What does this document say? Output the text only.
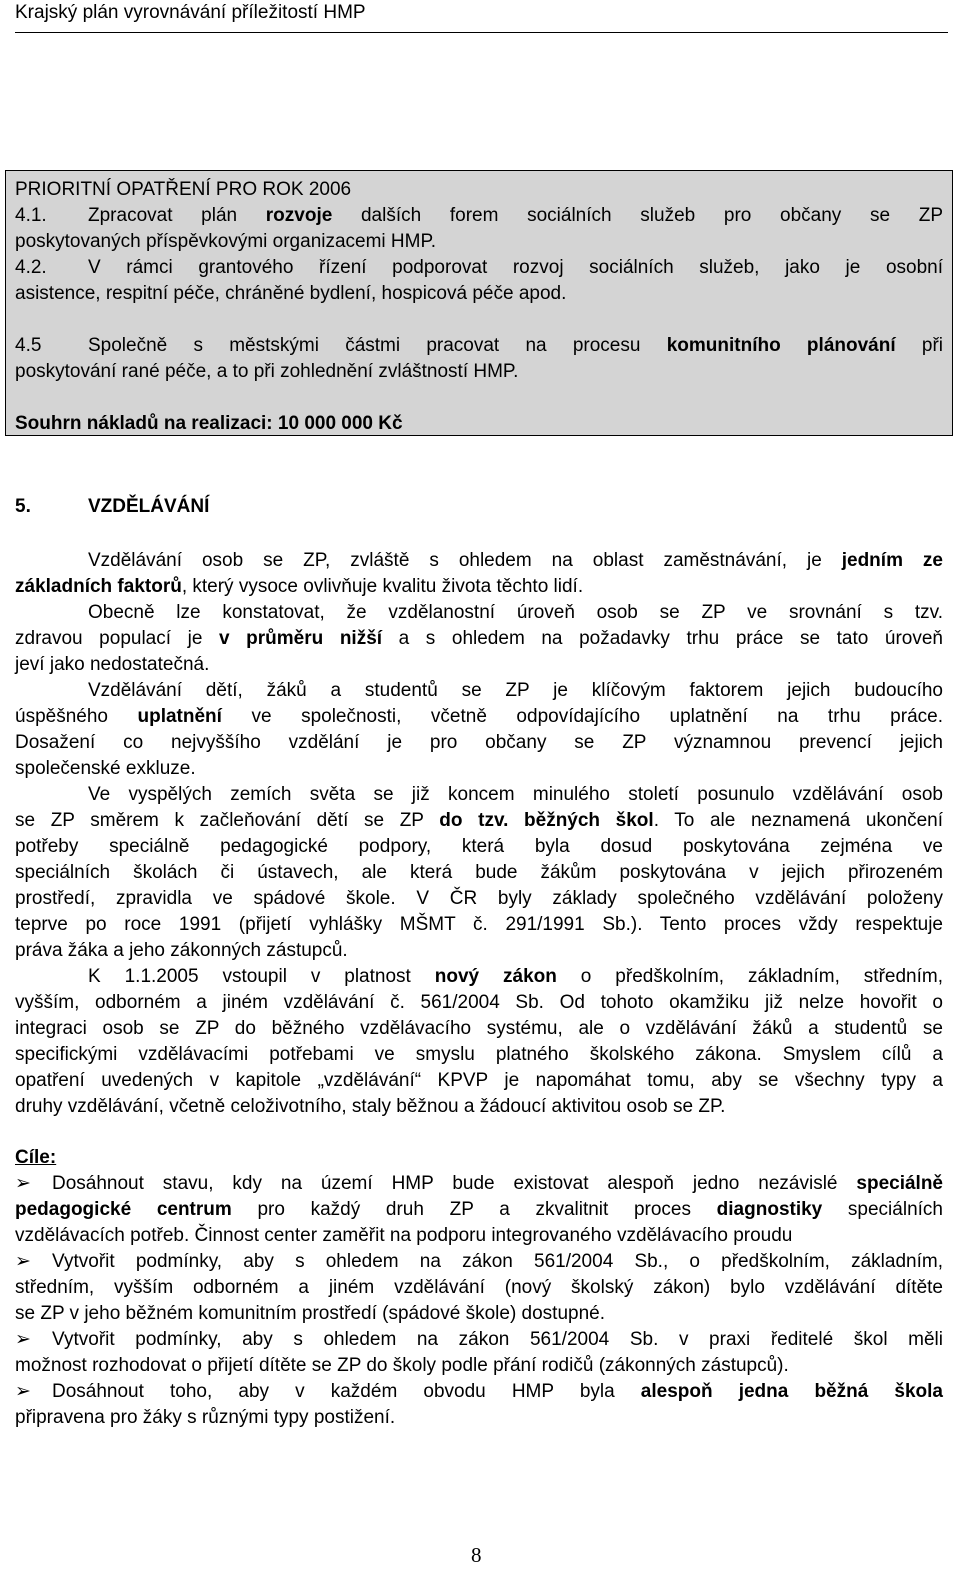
Krajský plán vyrovnávání příležitostí HMP

PRIORITNÍ OPATŘENÍ PRO ROK 2006

4.1. Zpracovat plán rozvoje dalších forem sociálních služeb pro občany se ZP

poskytovaných příspěvkovými organizacemi HMP.

4.2. V rámci grantového řízení podporovat rozvoj sociálních služeb, jako je osobní

asistence, respitní péče, chráněné bydlení, hospicová péče apod.

4.5 Společně s městskými částmi pracovat na procesu komunitního plánování při

poskytování rané péče, a to při zohlednění zvláštností HMP.

Souhrn nákladů na realizaci: 10 000 000 Kč

5.	VZDĚLÁVÁNÍ

Vzdělávání osob se ZP, zvláště s ohledem na oblast zaměstnávání, je jedním ze

základních faktorů, který vysoce ovlivňuje kvalitu života těchto lidí.

Obecně lze konstatovat, že vzdělanostní úroveň osob se ZP ve srovnání s tzv.

zdravou populací je v průměru nižší a s ohledem na požadavky trhu práce se tato úroveň

jeví jako nedostatečná.

Vzdělávání dětí, žáků a studentů se ZP je klíčovým faktorem jejich budoucího

úspěšného uplatnění ve společnosti, včetně odpovídajícího uplatnění na trhu práce.

Dosažení co nejvyššího vzdělání je pro občany se ZP významnou prevencí jejich

společenské exkluze.

Ve vyspělých zemích světa se již koncem minulého století posunulo vzdělávání osob

se ZP směrem k začleňování dětí se ZP do tzv. běžných škol. To ale neznamená ukončení

potřeby speciálně pedagogické podpory, která byla dosud poskytována zejména ve

speciálních školách či ústavech, ale která bude žákům poskytována v jejich přirozeném

prostředí, zpravidla ve spádové škole. V ČR byly základy společného vzdělávání položeny

teprve po roce 1991 (přijetí vyhlášky MŠMT č. 291/1991 Sb.). Tento proces vždy respektuje

práva žáka a jeho zákonných zástupců.

K 1.1.2005 vstoupil v platnost nový zákon o předškolním, základním, středním,

vyšším, odborném a jiném vzdělávání č. 561/2004 Sb. Od tohoto okamžiku již nelze hovořit o

integraci osob se ZP do běžného vzdělávacího systému, ale o vzdělávání žáků a studentů se

specifickými vzdělávacími potřebami ve smyslu platného školského zákona. Smyslem cílů a

opatření uvedených v kapitole „vzdělávání“ KPVP je napomáhat tomu, aby se všechny typy a

druhy vzdělávání, včetně celoživotního, staly běžnou a žádoucí aktivitou osob se ZP.

Cíle:

➢ Dosáhnout stavu, kdy na území HMP bude existovat alespoň jedno nezávislé speciálně

pedagogické centrum pro každý druh ZP a zkvalitnit proces diagnostiky speciálních

vzdělávacích potřeb. Činnost center zaměřit na podporu integrovaného vzdělávacího proudu

➢ Vytvořit podmínky, aby s ohledem na zákon 561/2004 Sb., o předškolním, základním,

středním, vyšším odborném a jiném vzdělávání (nový školský zákon) bylo vzdělávání dítěte

se ZP v jeho běžném komunitním prostředí (spádové škole) dostupné.

➢ Vytvořit podmínky, aby s ohledem na zákon 561/2004 Sb. v praxi ředitelé škol měli

možnost rozhodovat o přijetí dítěte se ZP do školy podle přání rodičů (zákonných zástupců).

➢ Dosáhnout toho, aby v každém obvodu HMP byla alespoň jedna běžná škola

připravena pro žáky s různými typy postižení.

8
